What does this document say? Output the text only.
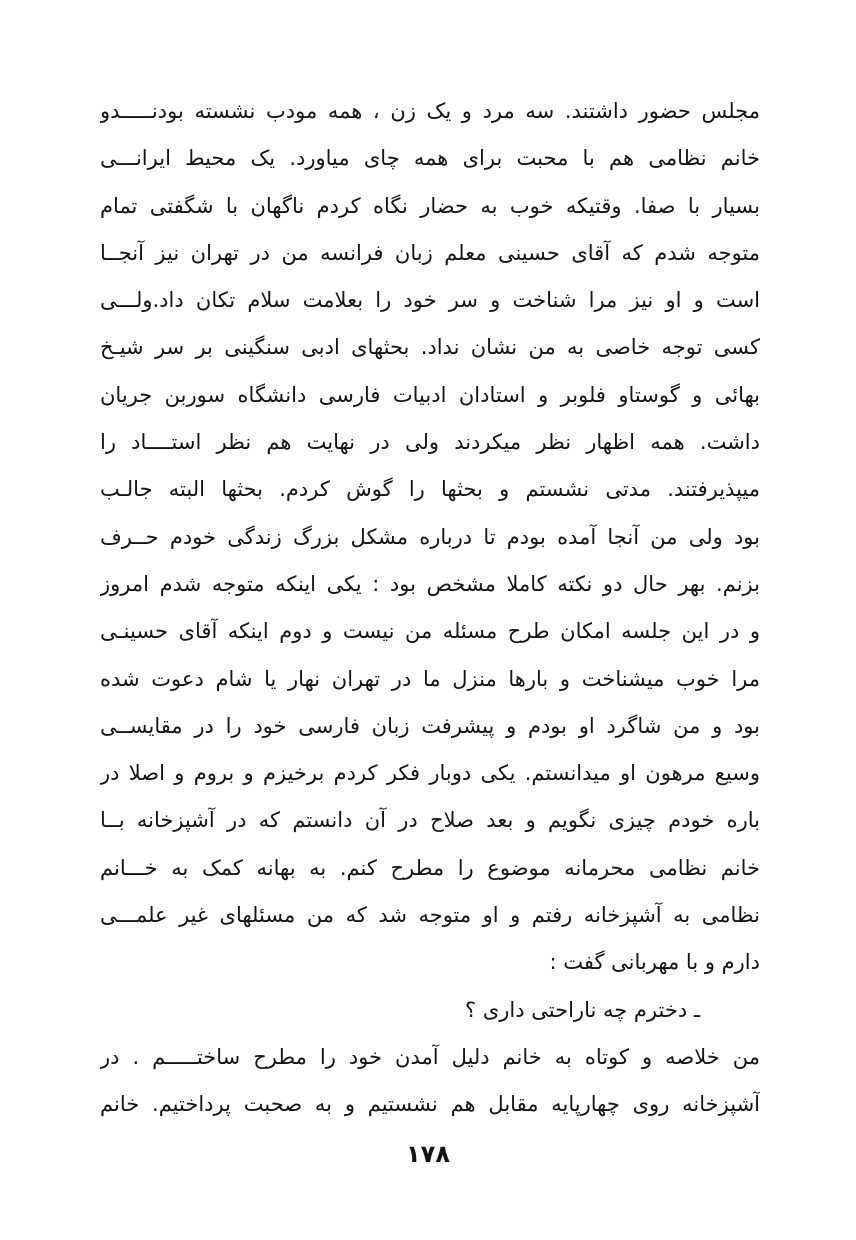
مجلس حضور داشتند. سه مرد و یک زن ، همه مودب نشسته بودنـــــدو
خانم نظامی هم با محبت برای همه چای میاورد. یک محیط ایرانـــی
بسیار با صفا. وقتیکه خوب به حضار نگاه کردم ناگهان با شگفتی تمام
متوجه شدم که آقای حسینی معلم زبان فرانسه من در تهران نیز آنجــا
است و او نیز مرا شناخت و سر خود را بعلامت سلام تکان داد.ولـــی
کسی توجه خاصی به من نشان نداد. بحثهای ادبی سنگینی بر سر شیـخ
بهائی و گوستاو فلوبر و استادان ادبیات فارسی دانشگاه سوربن جریان
داشت. همه اظهار نظر میکردند ولی در نهایت هم نظر استــــاد را
میپذیرفتند. مدتی نشستم و بحثها را گوش کردم. بحثها البته جالـب
بود ولی من آنجا آمده بودم تا درباره مشکل بزرگ زندگی خودم حــرف
بزنم. بهر حال دو نکته کاملا مشخص بود : یکی اینکه متوجه شدم امروز
و در این جلسه امکان طرح مسئله من نیست و دوم اینکه آقای حسینـی
مرا خوب میشناخت و بارها منزل ما در تهران نهار یا شام دعوت شده
بود و من شاگرد او بودم و پیشرفت زبان فارسی خود را در مقایســی
وسیع مرهون او میدانستم. یکی دوبار فکر کردم برخیزم و بروم و اصلا در
باره خودم چیزی نگویم و بعد صلاح در آن دانستم که در آشپزخانه بــا
خانم نظامی محرمانه موضوع را مطرح کنم. به بهانه کمک به خـــانم
نظامی به آشپزخانه رفتم و او متوجه شد که من مسئلهای غیر علمـــی
دارم و با مهربانی گفت :
ـ دخترم چه ناراحتی داری ؟
من خلاصه و کوتاه به خانم دلیل آمدن خود را مطرح ساختـــــم . در
آشپزخانه روی چهارپایه مقابل هم نشستیم و به صحبت پرداختیم. خانم
۱۷۸
